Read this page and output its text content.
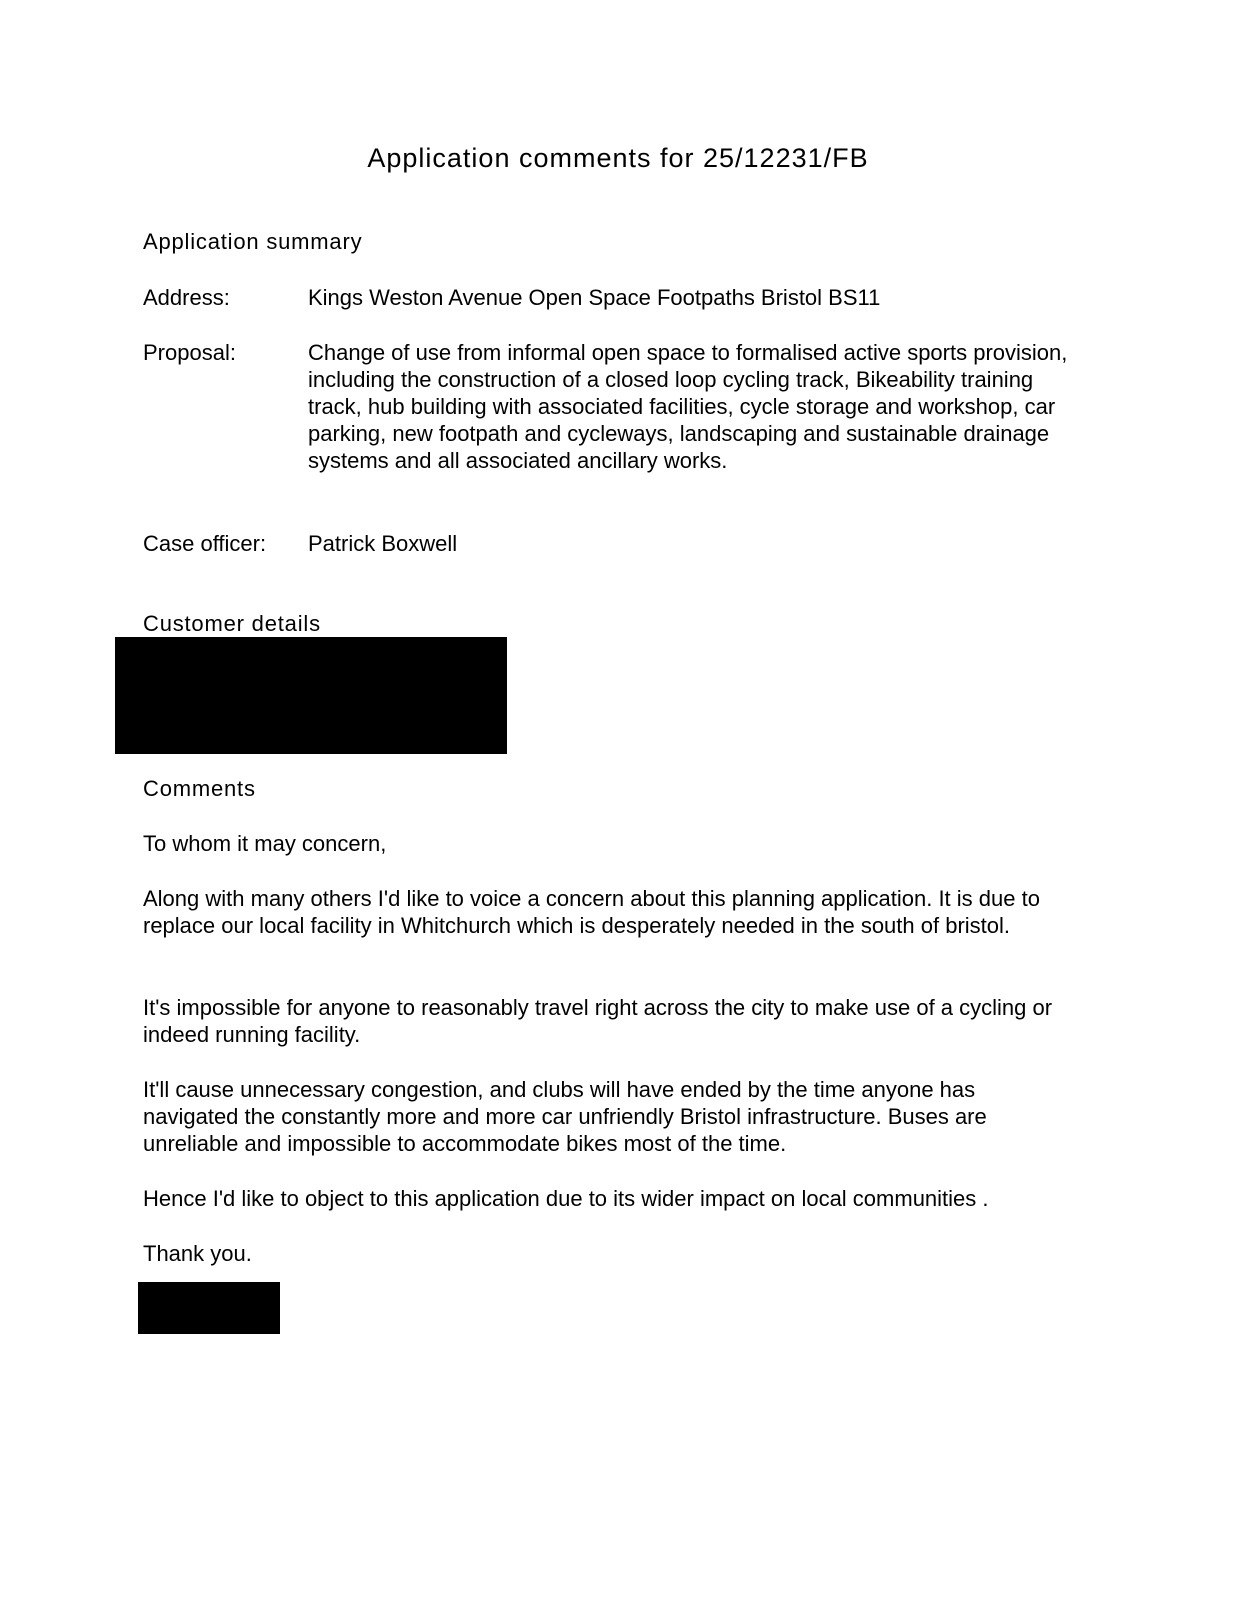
Application comments for 25/12231/FB
Application summary
Address:	Kings Weston Avenue Open Space Footpaths Bristol BS11
Proposal:	Change of use from informal open space to formalised active sports provision, including the construction of a closed loop cycling track, Bikeability training track, hub building with associated facilities, cycle storage and workshop, car parking, new footpath and cycleways, landscaping and sustainable drainage systems and all associated ancillary works.
Case officer:	Patrick Boxwell
Customer details
Comments

To whom it may concern,

Along with many others I'd like to voice a concern about this planning application. It is due to replace our local facility in Whitchurch which is desperately needed in the south of bristol.

It's impossible for anyone to reasonably travel right across the city to make use of a cycling or indeed running facility.

It'll cause unnecessary congestion, and clubs will have ended by the time anyone has navigated the constantly more and more car unfriendly Bristol infrastructure. Buses are unreliable and impossible to accommodate bikes most of the time.

Hence I'd like to object to this application due to its wider impact on local communities .

Thank you.
